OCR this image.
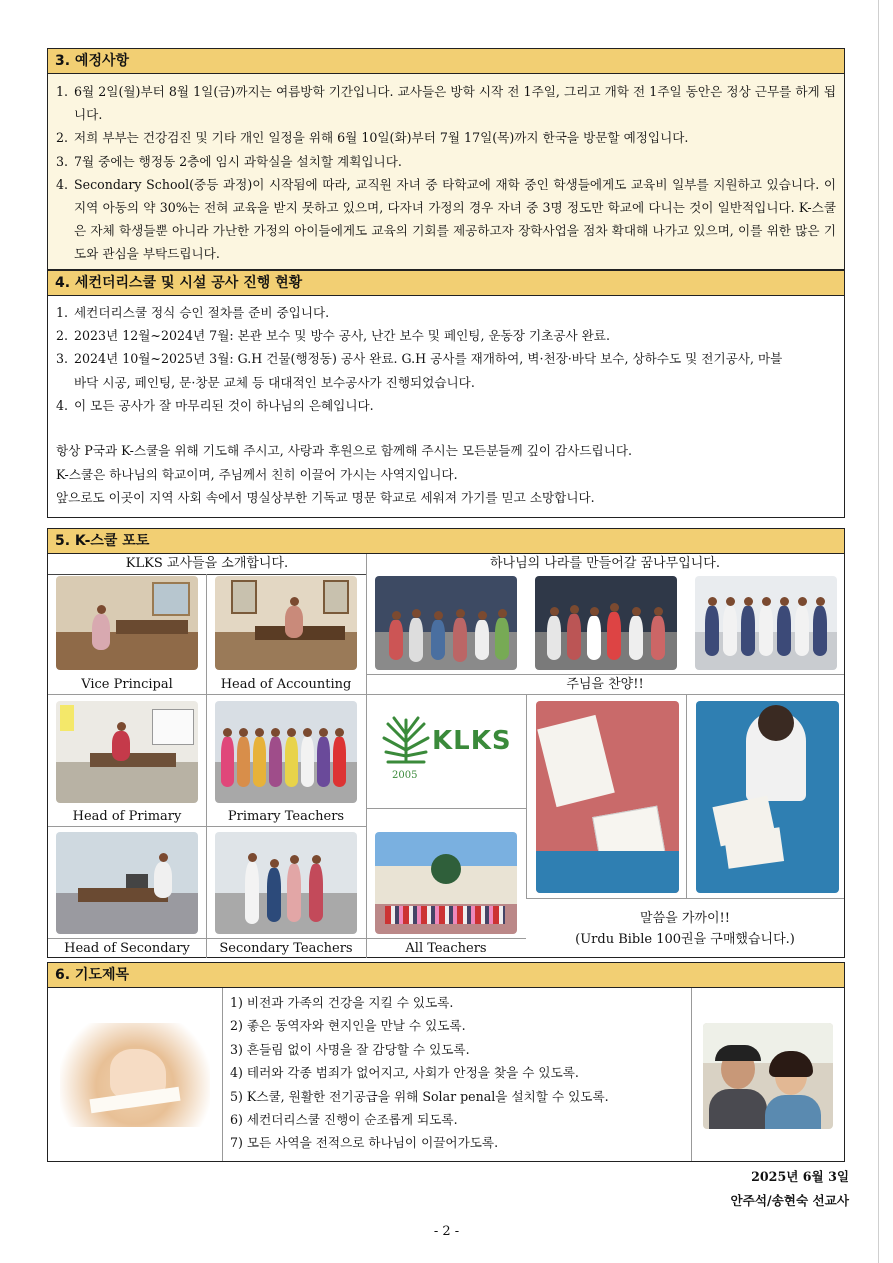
3. 예정사항
1. 6월 2일(월)부터 8월 1일(금)까지는 여름방학 기간입니다. 교사들은 방학 시작 전 1주일, 그리고 개학 전 1주일 동안은 정상 근무를 하게 됩니다.
2. 저희 부부는 건강검진 및 기타 개인 일정을 위해 6월 10일(화)부터 7월 17일(목)까지 한국을 방문할 예정입니다.
3. 7월 중에는 행정동 2층에 임시 과학실을 설치할 계획입니다.
4. Secondary School(중등 과정)이 시작됨에 따라, 교직원 자녀 중 타학교에 재학 중인 학생들에게도 교육비 일부를 지원하고 있습니다. 이 지역 아동의 약 30%는 전혀 교육을 받지 못하고 있으며, 다자녀 가정의 경우 자녀 중 3명 정도만 학교에 다니는 것이 일반적입니다. K-스쿨은 자체 학생들뿐 아니라 가난한 가정의 아이들에게도 교육의 기회를 제공하고자 장학사업을 점차 확대해 나가고 있으며, 이를 위한 많은 기도와 관심을 부탁드립니다.
4. 세컨더리스쿨 및 시설 공사 진행 현황
1. 세컨더리스쿨 정식 승인 절차를 준비 중입니다.
2. 2023년 12월~2024년 7월: 본관 보수 및 방수 공사, 난간 보수 및 페인팅, 운동장 기초공사 완료.
3. 2024년 10월~2025년 3월: G.H 건물(행정동) 공사 완료. G.H 공사를 재개하여, 벽·천장·바닥 보수, 상하수도 및 전기공사, 마블 바닥 시공, 페인팅, 문·창문 교체 등 대대적인 보수공사가 진행되었습니다.
4. 이 모든 공사가 잘 마무리된 것이 하나님의 은혜입니다.
항상 P국과 K-스쿨을 위해 기도해 주시고, 사랑과 후원으로 함께해 주시는 모든분들께 깊이 감사드립니다.
K-스쿨은 하나님의 학교이며, 주님께서 친히 이끌어 가시는 사역지입니다.
앞으로도 이곳이 지역 사회 속에서 명실상부한 기독교 명문 학교로 세워져 가기를 믿고 소망합니다.
5. K-스쿨 포토
KLKS 교사들을 소개합니다.	하나님의 나라를 만들어갈 꿈나무입니다.
Vice Principal	Head of Accounting	주님을 찬양!!
KLKS
2005
Head of Primary	Primary Teachers
Head of Secondary	Secondary Teachers	All Teachers
말씀을 가까이!!
(Urdu Bible 100권을 구매했습니다.)
6. 기도제목
1) 비전과 가족의 건강을 지킬 수 있도록.
2) 좋은 동역자와 현지인을 만날 수 있도록.
3) 흔들림 없이 사명을 잘 감당할 수 있도록.
4) 테러와 각종 범죄가 없어지고, 사회가 안정을 찾을 수 있도록.
5) K스쿨, 원활한 전기공급을 위해 Solar penal을 설치할 수 있도록.
6) 세컨더리스쿨 진행이 순조롭게 되도록.
7) 모든 사역을 전적으로 하나님이 이끌어가도록.
2025년 6월 3일
안주석/송현숙 선교사
- 2 -
